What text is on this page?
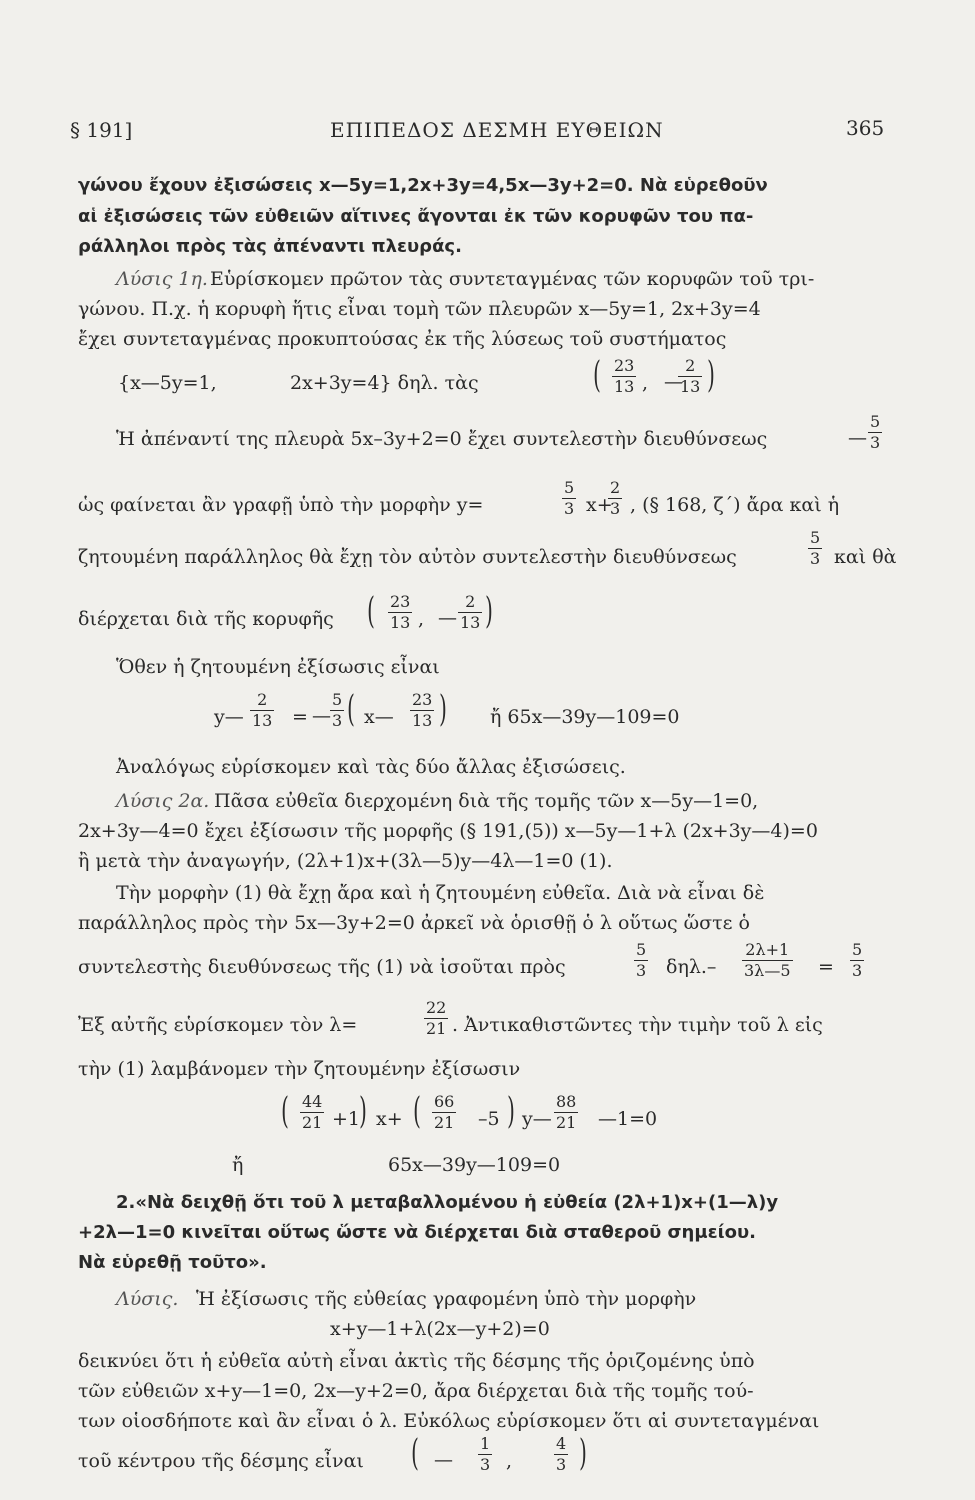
§ 191]	ΕΠΙΠΕΔΟΣ ΔΕΣΜΗ ΕΥΘΕΙΩΝ	365
γώνου ἔχουν ἐξισώσεις x—5y=1,2x+3y=4,5x—3y+2=0. Νὰ εὑρεθοῦν
αἱ ἐξισώσεις τῶν εὐθειῶν αἵτινες ἄγονται ἐκ τῶν κορυφῶν του πα-
ράλληλοι πρὸς τὰς ἀπέναντι πλευράς.
Λύσις 1η. Εὑρίσκομεν πρῶτον τὰς συντεταγμένας τῶν κορυφῶν τοῦ τρι-
γώνου. Π.χ. ἡ κορυφὴ ἥτις εἶναι τομὴ τῶν πλευρῶν x—5y=1, 2x+3y=4
ἔχει συντεταγμένας προκυπτούσας ἐκ τῆς λύσεως τοῦ συστήματος
{x—5y=1,	2x+3y=4} δηλ. τὰς	( 23
13 , —
2
13 )
Ἡ ἀπέναντί της πλευρὰ 5x–3y+2=0 ἔχει συντελεστὴν διευθύνσεως	—
5
3
ὡς φαίνεται ἂν γραφῇ ὑπὸ τὴν μορφὴν y=
5
3 x+
2
3 , (§ 168, ζ΄) ἄρα καὶ ἡ
ζητουμένη παράλληλος θὰ ἔχῃ τὸν αὐτὸν συντελεστὴν διευθύνσεως
5
3 καὶ θὰ
διέρχεται διὰ τῆς κορυφῆς ( 23
13 , —
2
13 )
Ὅθεν ἡ ζητουμένη ἐξίσωσις εἶναι
y—
2
13 = —
5
3 ( x—
23
13 ) ἤ 65x—39y—109=0
Ἀναλόγως εὑρίσκομεν καὶ τὰς δύο ἄλλας ἐξισώσεις.
Λύσις 2α. Πᾶσα εὐθεῖα διερχομένη διὰ τῆς τομῆς τῶν x—5y—1=0,
2x+3y—4=0 ἔχει ἐξίσωσιν τῆς μορφῆς (§ 191,(5)) x—5y—1+λ (2x+3y—4)=0
ἢ μετὰ τὴν ἀναγωγήν, (2λ+1)x+(3λ—5)y—4λ—1=0 (1).
Τὴν μορφὴν (1) θὰ ἔχῃ ἄρα καὶ ἡ ζητουμένη εὐθεῖα. Διὰ νὰ εἶναι δὲ
παράλληλος πρὸς τὴν 5x—3y+2=0 ἀρκεῖ νὰ ὁρισθῇ ὁ λ οὕτως ὥστε ὁ
συντελεστὴς διευθύνσεως τῆς (1) νὰ ἰσοῦται πρὸς
5
3 δηλ.–
2λ+1
3λ—5 =
5
3
Ἐξ αὐτῆς εὑρίσκομεν τὸν λ=
22
21 . Ἀντικαθιστῶντες τὴν τιμὴν τοῦ λ εἰς
τὴν (1) λαμβάνομεν τὴν ζητουμένην ἐξίσωσιν
( 44
21 +1 ) x+ ( 66
21 –5 ) y—
88
21 —1=0
ἤ	65x—39y—109=0
2.«Νὰ δειχθῇ ὅτι τοῦ λ μεταβαλλομένου ἡ εὐθεία (2λ+1)x+(1—λ)y
+2λ—1=0 κινεῖται οὕτως ὥστε νὰ διέρχεται διὰ σταθεροῦ σημείου.
Νὰ εὑρεθῇ τοῦτο».
Λύσις. Ἡ ἐξίσωσις τῆς εὐθείας γραφομένη ὑπὸ τὴν μορφὴν
x+y—1+λ(2x—y+2)=0
δεικνύει ὅτι ἡ εὐθεῖα αὐτὴ εἶναι ἀκτὶς τῆς δέσμης τῆς ὁριζομένης ὑπὸ
τῶν εὐθειῶν x+y—1=0, 2x—y+2=0, ἄρα διέρχεται διὰ τῆς τομῆς τού-
των οἱοσδήποτε καὶ ἂν εἶναι ὁ λ. Εὐκόλως εὑρίσκομεν ὅτι αἱ συντεταγμέναι
τοῦ κέντρου τῆς δέσμης εἶναι ( —
1
3 ,
4
3 )
